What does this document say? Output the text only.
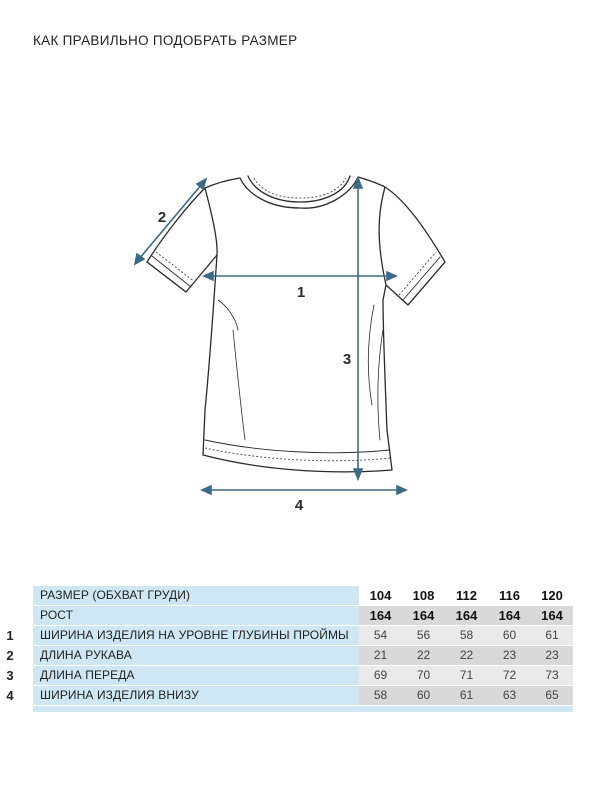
КАК ПРАВИЛЬНО ПОДОБРАТЬ РАЗМЕР
1
2
3
4
РАЗМЕР (ОБХВАТ ГРУДИ)	104	108	112	116	120
РОСТ	164	164	164	164	164

1 ШИРИНА ИЗДЕЛИЯ НА УРОВНЕ ГЛУБИНЫ ПРОЙМЫ	54	56	58	60	61

2 ДЛИНА РУКАВА	21	22	22	23	23

3 ДЛИНА ПЕРЕДА	69	70	71	72	73

4 ШИРИНА ИЗДЕЛИЯ ВНИЗУ	58	60	61	63	65
